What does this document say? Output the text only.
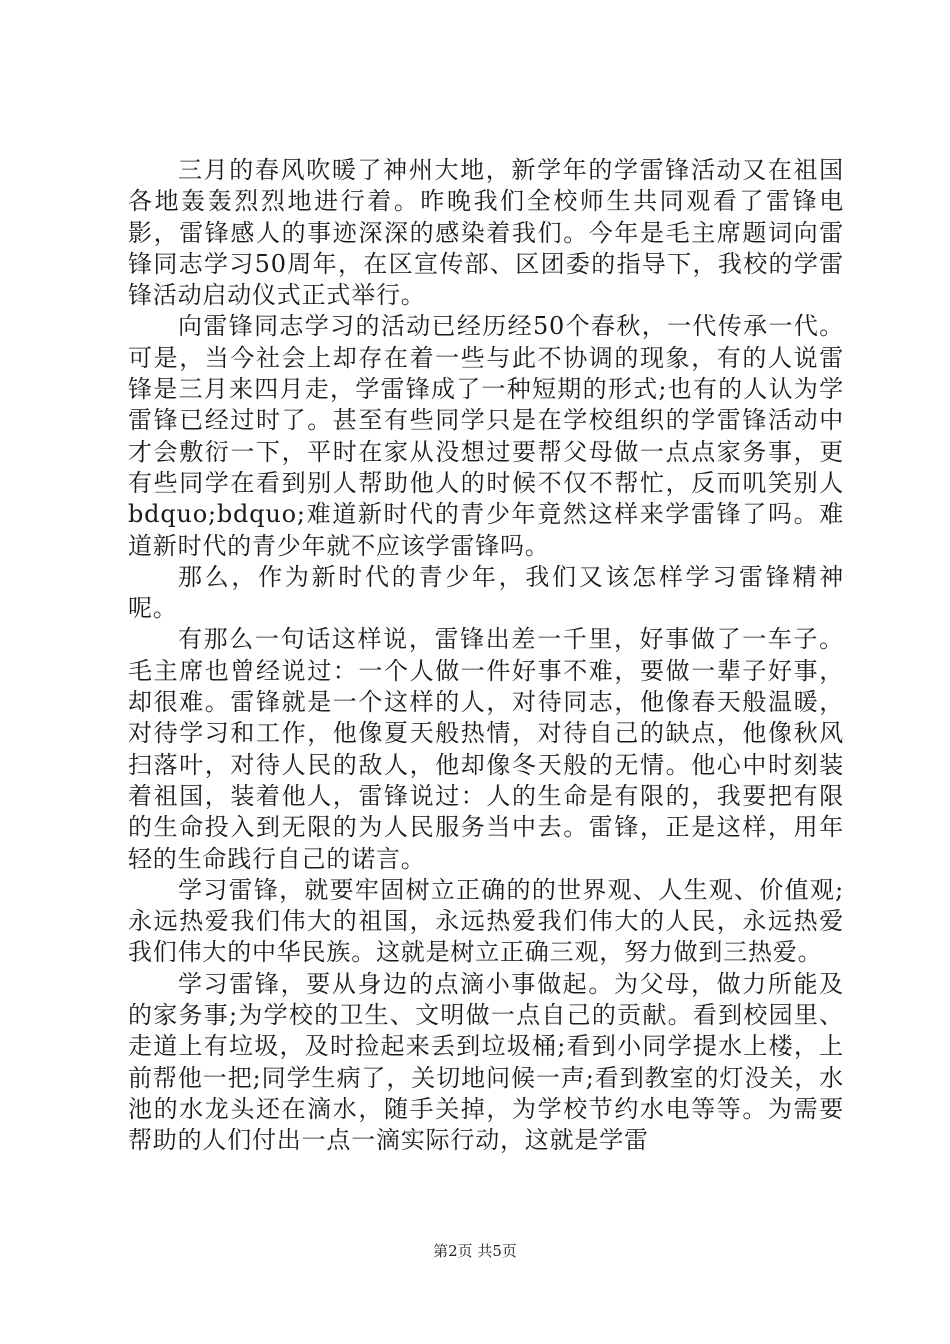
三月的春风吹暖了神州大地，新学年的学雷锋活动又在祖国各地轰轰烈烈地进行着。昨晚我们全校师生共同观看了雷锋电影，雷锋感人的事迹深深的感染着我们。今年是毛主席题词向雷锋同志学习50周年，在区宣传部、区团委的指导下，我校的学雷锋活动启动仪式正式举行。

向雷锋同志学习的活动已经历经50个春秋，一代传承一代。可是，当今社会上却存在着一些与此不协调的现象，有的人说雷锋是三月来四月走，学雷锋成了一种短期的形式;也有的人认为学雷锋已经过时了。甚至有些同学只是在学校组织的学雷锋活动中才会敷衍一下，平时在家从没想过要帮父母做一点点家务事，更有些同学在看到别人帮助他人的时候不仅不帮忙，反而叽笑别人bdquo;bdquo;难道新时代的青少年竟然这样来学雷锋了吗。难道新时代的青少年就不应该学雷锋吗。

那么，作为新时代的青少年，我们又该怎样学习雷锋精神呢。

有那么一句话这样说，雷锋出差一千里，好事做了一车子。毛主席也曾经说过：一个人做一件好事不难，要做一辈子好事，却很难。雷锋就是一个这样的人，对待同志，他像春天般温暖，对待学习和工作，他像夏天般热情，对待自己的缺点，他像秋风扫落叶，对待人民的敌人，他却像冬天般的无情。他心中时刻装着祖国，装着他人，雷锋说过：人的生命是有限的，我要把有限的生命投入到无限的为人民服务当中去。雷锋，正是这样，用年轻的生命践行自己的诺言。

学习雷锋，就要牢固树立正确的的世界观、人生观、价值观;永远热爱我们伟大的祖国，永远热爱我们伟大的人民，永远热爱我们伟大的中华民族。这就是树立正确三观，努力做到三热爱。

学习雷锋，要从身边的点滴小事做起。为父母，做力所能及的家务事;为学校的卫生、文明做一点自己的贡献。看到校园里、走道上有垃圾，及时捡起来丢到垃圾桶;看到小同学提水上楼，上前帮他一把;同学生病了，关切地问候一声;看到教室的灯没关，水池的水龙头还在滴水，随手关掉，为学校节约水电等等。为需要帮助的人们付出一点一滴实际行动，这就是学雷

第2页 共5页
